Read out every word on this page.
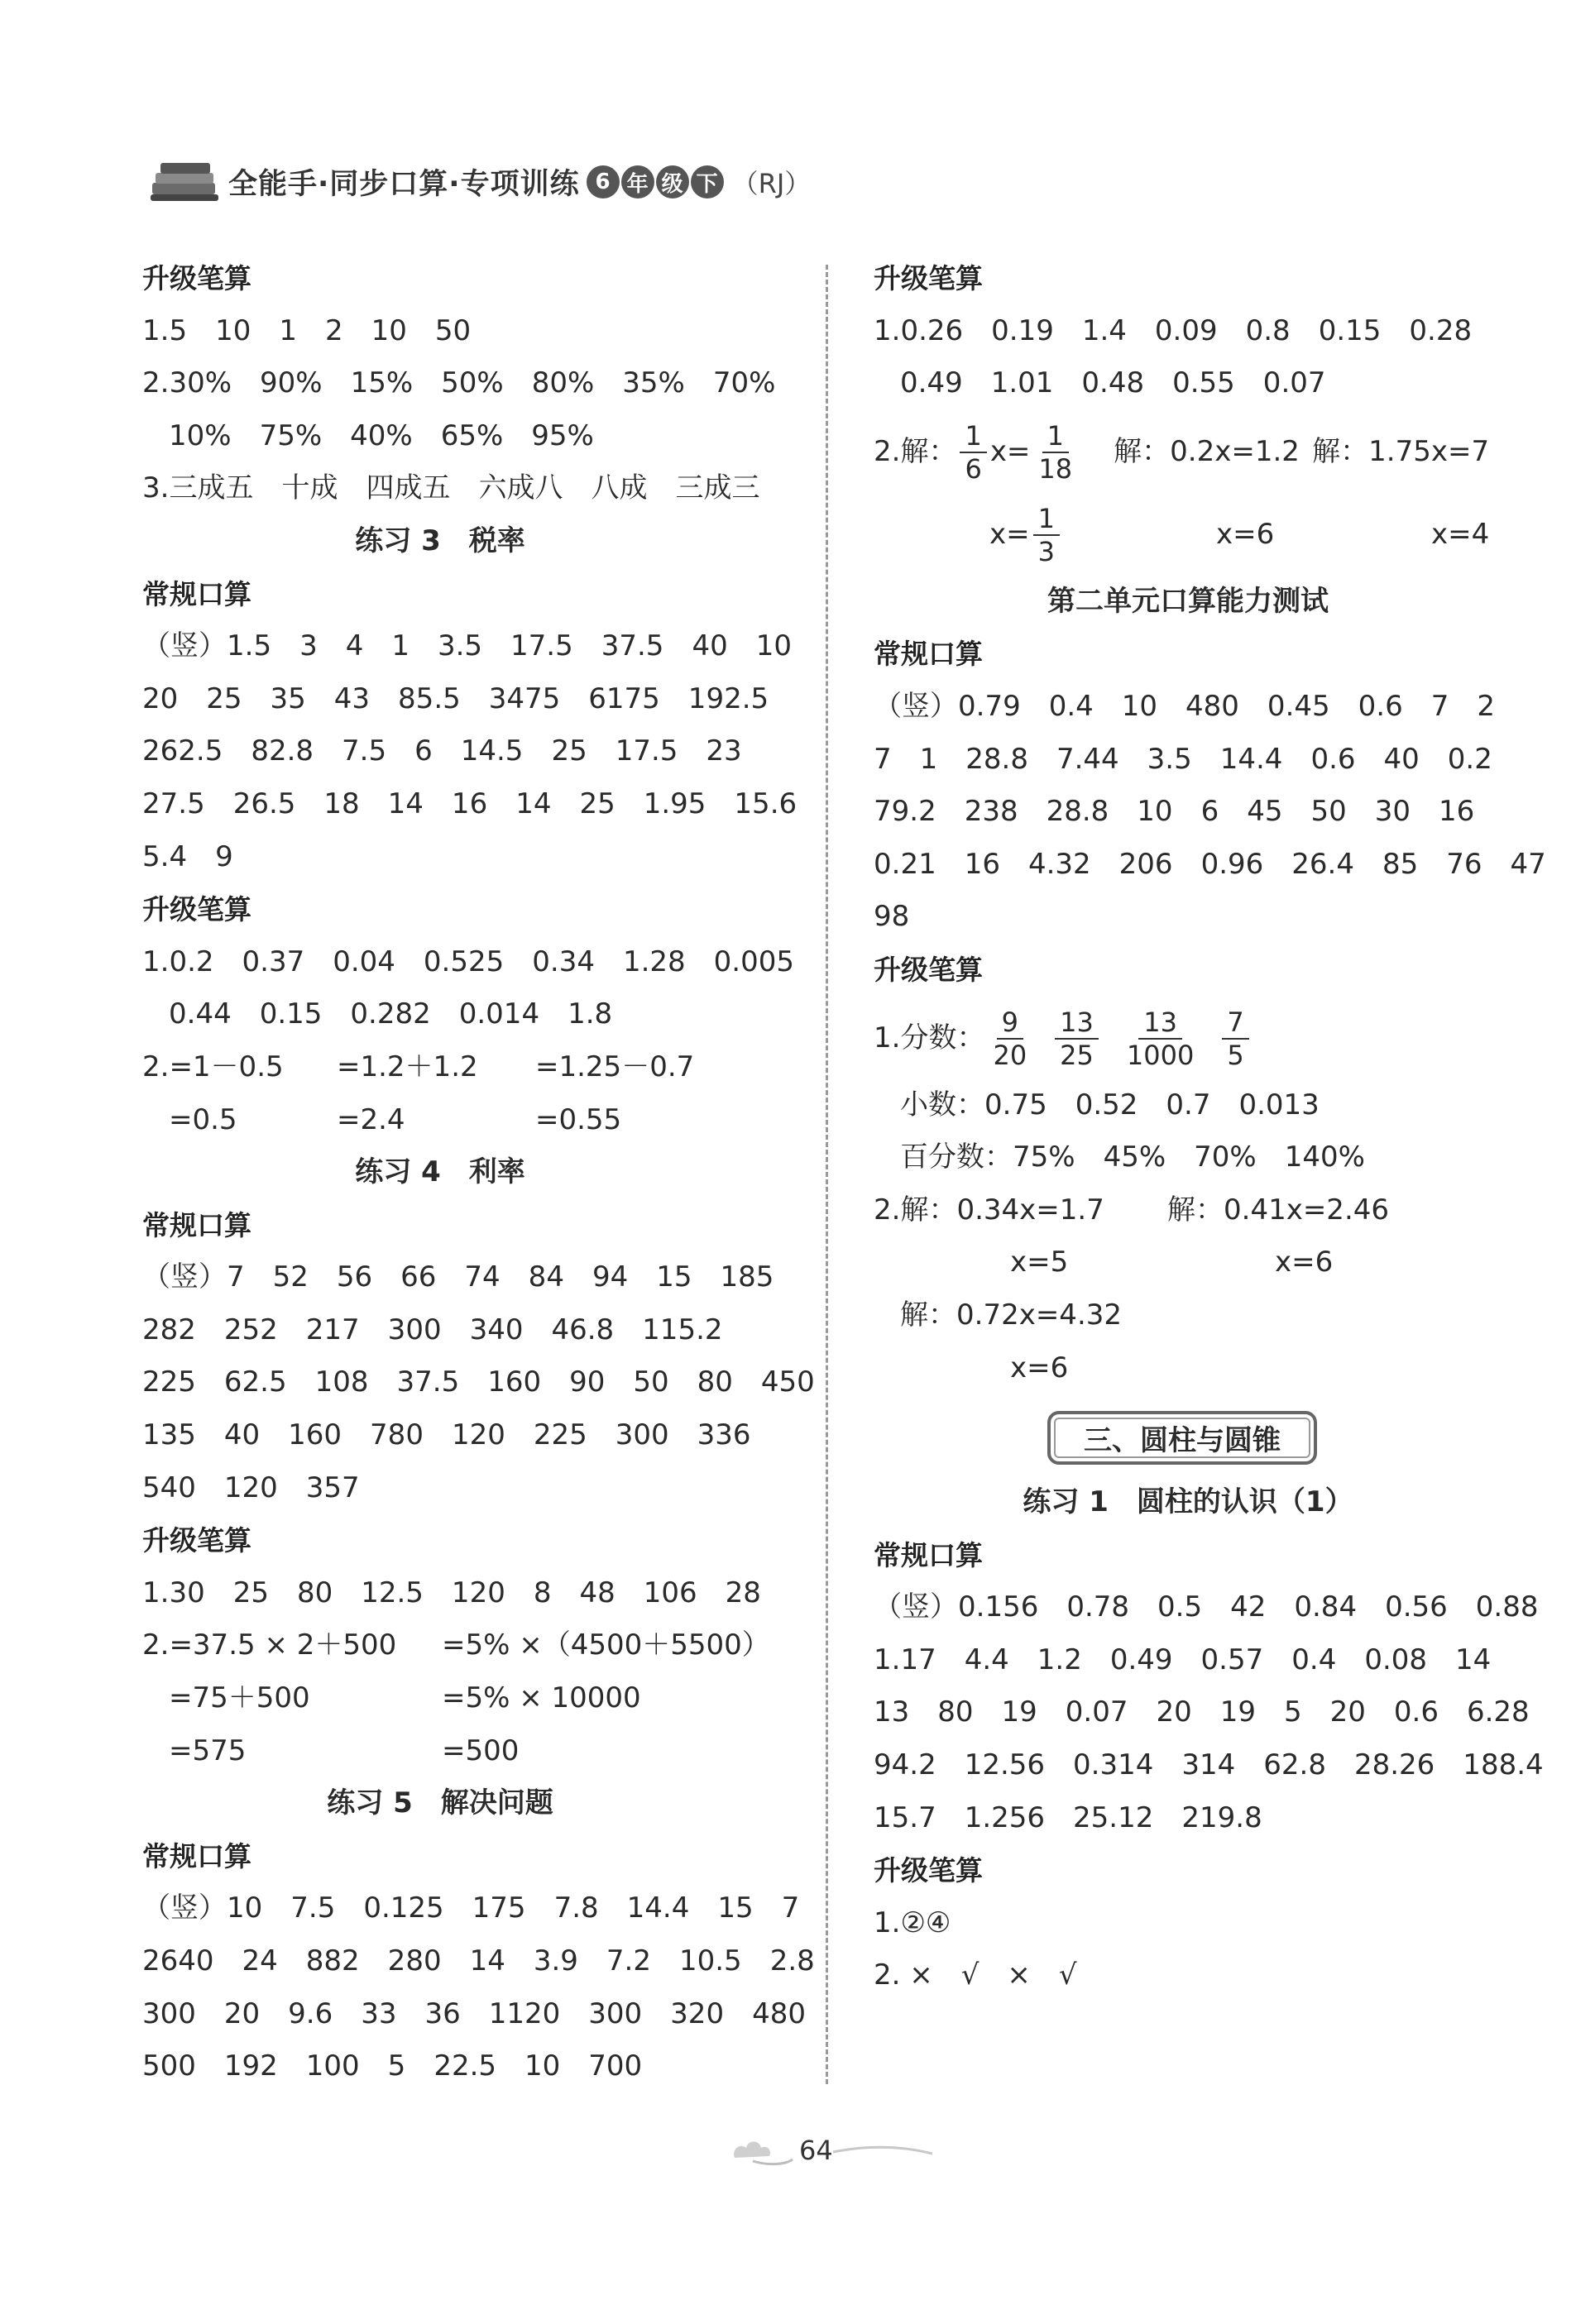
全能手·同步口算·专项训练 6 年 级 下 （RJ）
升级笔算
1.5　10　1　2　10　50
2.30%　90%　15%　50%　80%　35%　70%
10%　75%　40%　65%　95%
3.三成五　十成　四成五　六成八　八成　三成三
练习 3　税率
常规口算
（竖）1.5　3　4　1　3.5　17.5　37.5　40　10
20　25　35　43　85.5　3475　6175　192.5
262.5　82.8　7.5　6　14.5　25　17.5　23
27.5　26.5　18　14　16　14　25　1.95　15.6
5.4　9
升级笔算
1.0.2　0.37　0.04　0.525　0.34　1.28　0.005
0.44　0.15　0.282　0.014　1.8
2.=1－0.5 =1.2＋1.2 =1.25－0.7
=0.5	=2.4	=0.55
练习 4　利率
常规口算
（竖）7　52　56　66　74　84　94　15　185
282　252　217　300　340　46.8　115.2
225　62.5　108　37.5　160　90　50　80　450
135　40　160　780　120　225　300　336
540　120　357
升级笔算
1.30　25　80　12.5　120　8　48　106　28
2.=37.5 × 2＋500 =5% ×（4500＋5500）
=75＋500	=5% × 10000
=575	=500
练习 5　解决问题
常规口算
（竖）10　7.5　0.125　175　7.8　14.4　15　7
2640　24　882　280　14　3.9　7.2　10.5　2.8
300　20　9.6　33　36　1120　300　320　480
500　192　100　5　22.5　10　700
升级笔算
1.0.26　0.19　1.4　0.09　0.8　0.15　0.28
0.49　1.01　0.48　0.55　0.07
2.解： $\frac{1}{6} x= \frac{1}{18}$ 解：0.2x=1.2 解：1.75x=7
$x= \frac{1}{3}$	x=6	x=4
第二单元口算能力测试
常规口算
（竖）0.79　0.4　10　480　0.45　0.6　7　2
7　1　28.8　7.44　3.5　14.4　0.6　40　0.2
79.2　238　28.8　10　6　45　50　30　16
0.21　16　4.32　206　0.96　26.4　85　76　47
98
升级笔算
1.分数： $\frac{9}{20} \frac{13}{25} \frac{13}{1000} \frac{7}{5}$
小数：0.75　0.52　0.7　0.013
百分数：75%　45%　70%　140%
2.解：0.34x=1.7 解：0.41x=2.46
x=5	x=6
解：0.72x=4.32
x=6
三、圆柱与圆锥
练习 1　圆柱的认识（1）
常规口算
（竖）0.156　0.78　0.5　42　0.84　0.56　0.88
1.17　4.4　1.2　0.49　0.57　0.4　0.08　14
13　80　19　0.07　20　19　5　20　0.6　6.28
94.2　12.56　0.314　314　62.8　28.26　188.4
15.7　1.256　25.12　219.8
升级笔算
1.②④
2. ×　√　×　√
64
